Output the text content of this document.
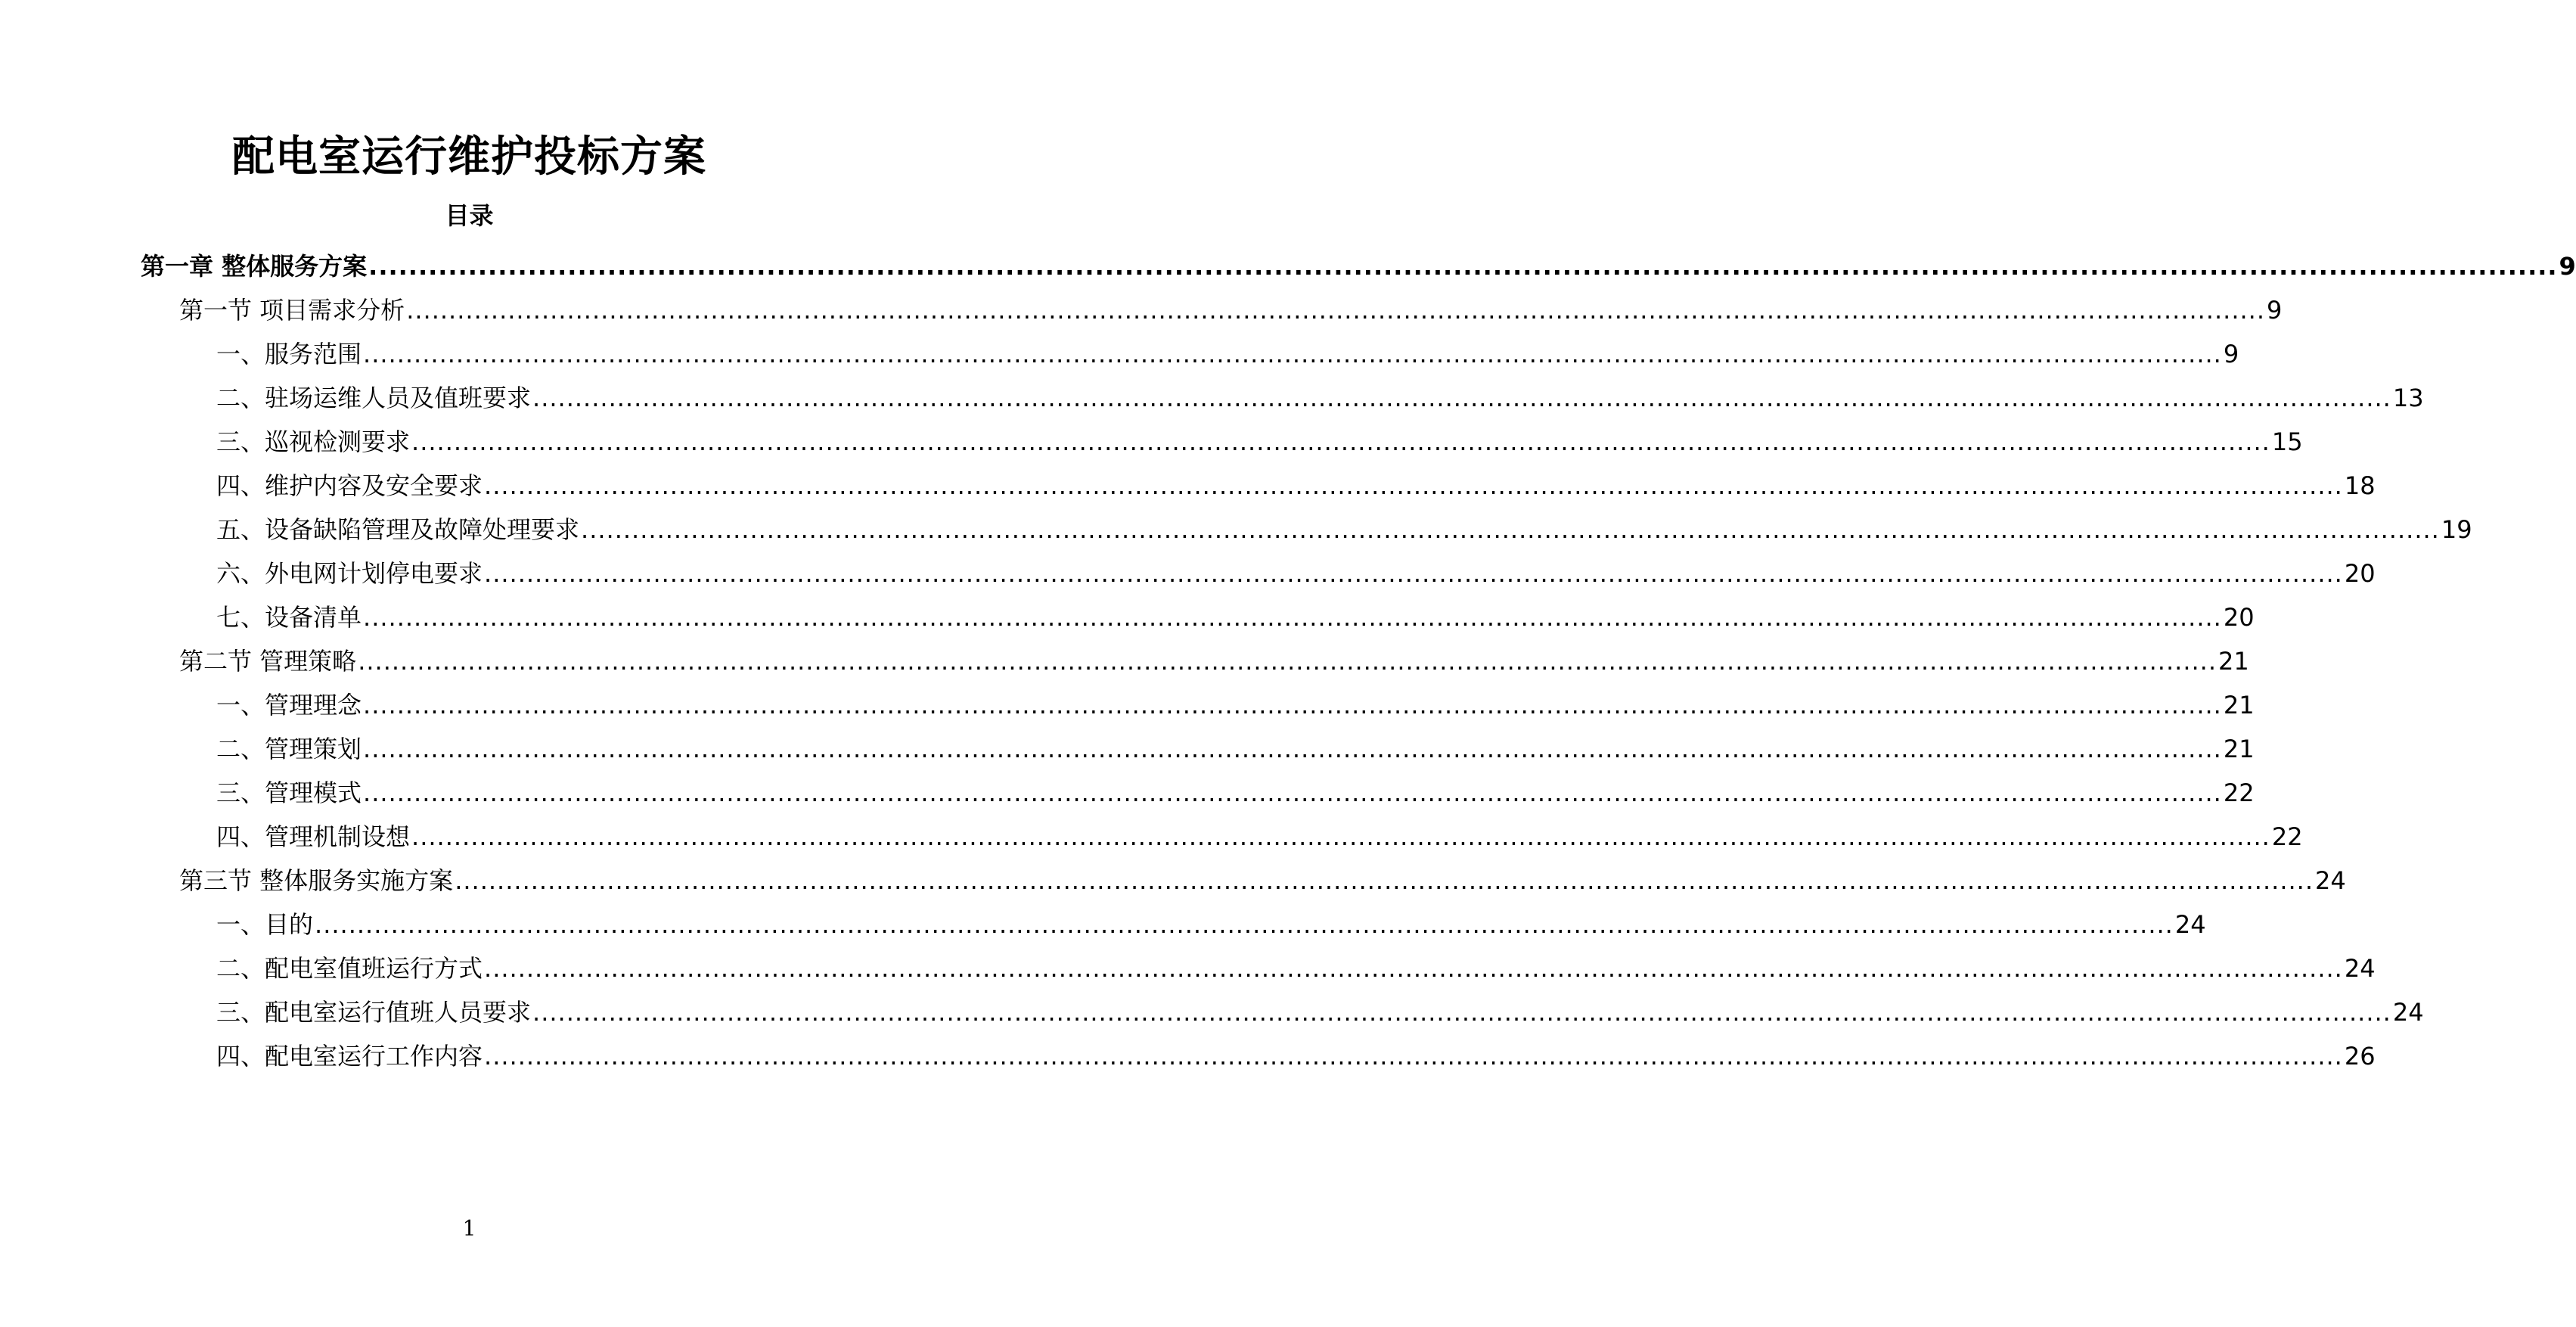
配电室运行维护投标方案
目录
第一章 整体服务方案 ............................................................................................................................................................................................................................ 9
第一节 项目需求分析 ............................................................................................................................................................................................................................ 9
一、服务范围 ............................................................................................................................................................................................................................ 9
二、驻场运维人员及值班要求 ............................................................................................................................................................................................................................ 13
三、巡视检测要求 ............................................................................................................................................................................................................................ 15
四、维护内容及安全要求 ............................................................................................................................................................................................................................ 18
五、设备缺陷管理及故障处理要求 ............................................................................................................................................................................................................................ 19
六、外电网计划停电要求 ............................................................................................................................................................................................................................ 20
七、设备清单 ............................................................................................................................................................................................................................ 20
第二节 管理策略 ............................................................................................................................................................................................................................ 21
一、管理理念 ............................................................................................................................................................................................................................ 21
二、管理策划 ............................................................................................................................................................................................................................ 21
三、管理模式 ............................................................................................................................................................................................................................ 22
四、管理机制设想 ............................................................................................................................................................................................................................ 22
第三节 整体服务实施方案 ............................................................................................................................................................................................................................ 24
一、目的 ............................................................................................................................................................................................................................ 24
二、配电室值班运行方式 ............................................................................................................................................................................................................................ 24
三、配电室运行值班人员要求 ............................................................................................................................................................................................................................ 24
四、配电室运行工作内容 ............................................................................................................................................................................................................................ 26
1
